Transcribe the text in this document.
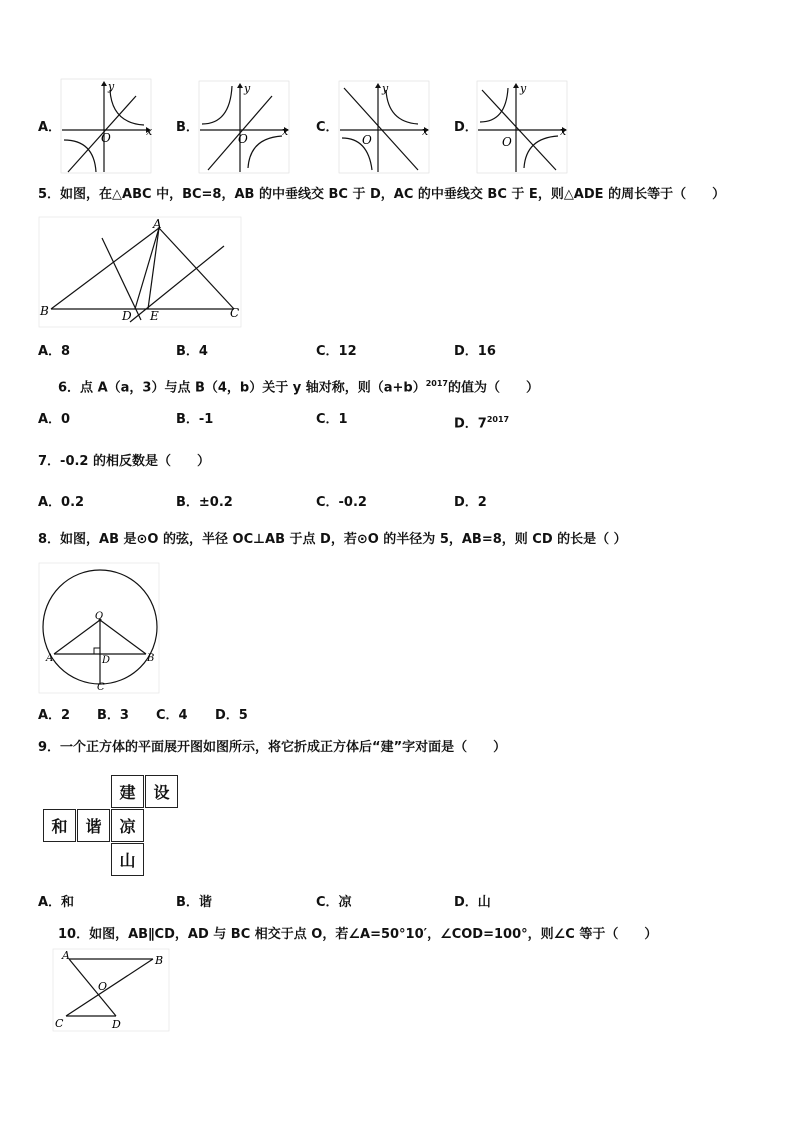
A．	x
y
O
B．	x
y
O
C．	x
y
O
D．	x
y
O
5．如图，在△ABC 中，BC=8，AB 的中垂线交 BC 于 D，AC 的中垂线交 BC 于 E，则△ADE 的周长等于（　　）
A
B	D E	C
A．8	B．4	C．12	D．16
6．点 A（a，3）与点 B（4，b）关于 y 轴对称，则$(a+b)^{2017}$的值为（　　）
A．0	B．-1	C．1	D．$7^{2017}$
7．-0.2 的相反数是（　　）
A．0.2	B．±0.2	C．-0.2	D．2
8．如图，AB 是⊙O 的弦，半径 OC⊥AB 于点 D，若⊙O 的半径为 5，AB=8，则 CD 的长是（ ）
O
A	B
D
C
A．2 B．3 C．4 D．5
9．一个正方体的平面展开图如图所示，将它折成正方体后“建”字对面是（　　）
建	设
和	谐	凉
山
A．和	B．谐	C．凉	D．山
10．如图，AB∥CD，AD 与 BC 相交于点 O，若∠A=50°10′，∠COD=100°，则∠C 等于（　　）
A	B
O
C	D
